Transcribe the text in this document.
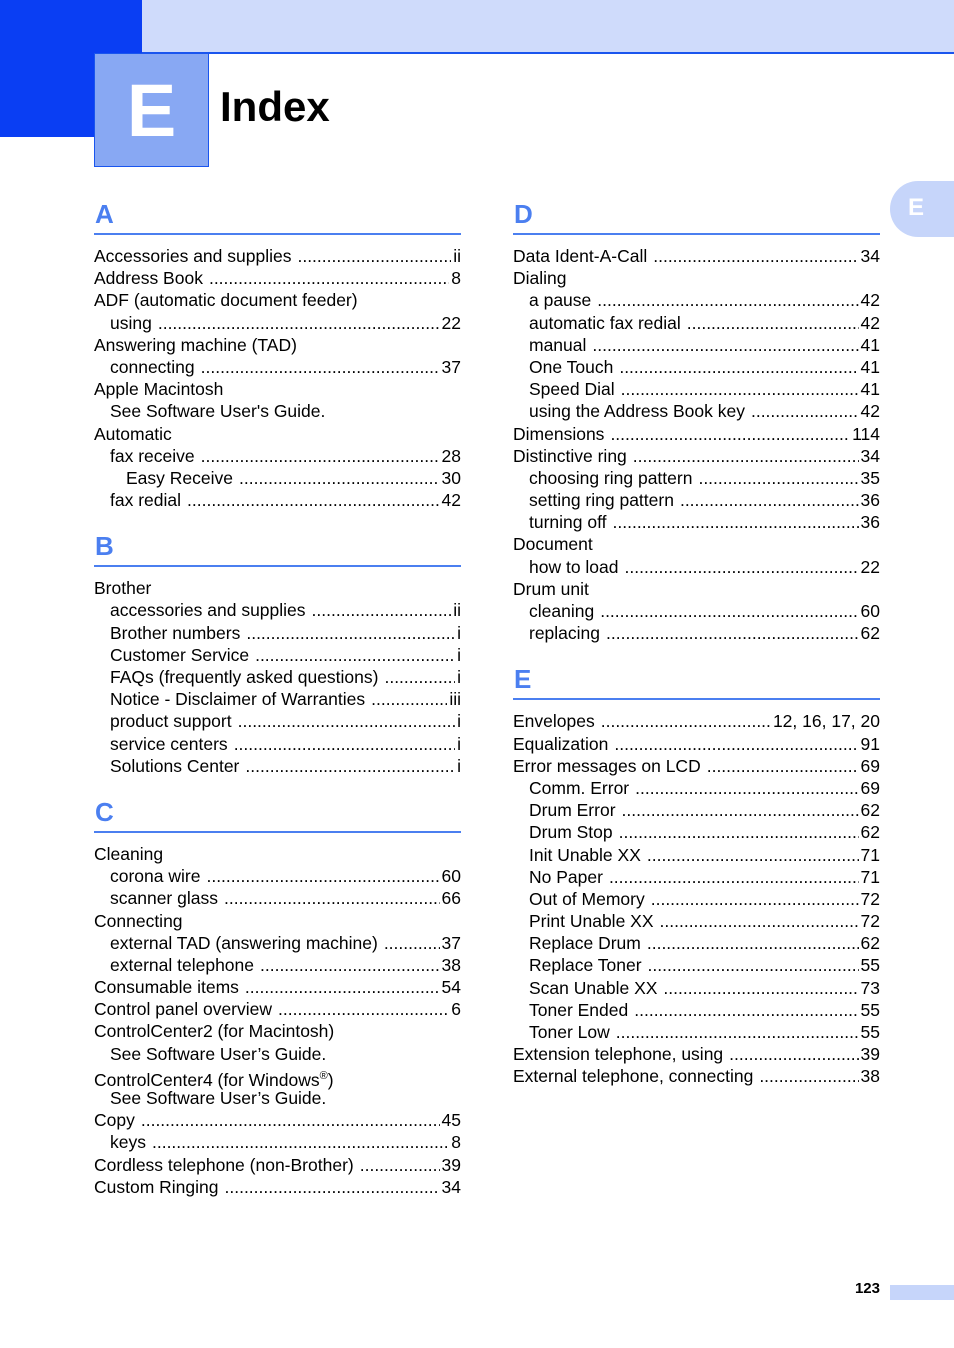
E	Index
E
A
Accessories and supplies .....	ii
Address Book .....	8
ADF (automatic document feeder)
using .....	22
Answering machine (TAD)
connecting .....	37
Apple Macintosh
See Software User's Guide.
Automatic
fax receive .....	28
Easy Receive .....	30
fax redial .....	42
B
Brother
accessories and supplies .....	ii
Brother numbers .....	i
Customer Service .....	i
FAQs (frequently asked questions) .....	i
Notice - Disclaimer of Warranties .....	iii
product support .....	i
service centers .....	i
Solutions Center .....	i
C
Cleaning
corona wire .....	60
scanner glass .....	66
Connecting
external TAD (answering machine) .....	37
external telephone .....	38
Consumable items .....	54
Control panel overview .....	6
ControlCenter2 (for Macintosh)
See Software User’s Guide.
ControlCenter4 (for Windows®)
See Software User’s Guide.
Copy .....	45
keys .....	8
Cordless telephone (non-Brother) .....	39
Custom Ringing .....	34
D
Data Ident-A-Call .....	34
Dialing
a pause .....	42
automatic fax redial .....	42
manual .....	41
One Touch .....	41
Speed Dial .....	41
using the Address Book key .....	42
Dimensions .....	114
Distinctive ring .....	34
choosing ring pattern .....	35
setting ring pattern .....	36
turning off .....	36
Document
how to load .....	22
Drum unit
cleaning .....	60
replacing .....	62
E
Envelopes .....	12, 16, 17, 20
Equalization .....	91
Error messages on LCD .....	69
Comm. Error .....	69
Drum Error .....	62
Drum Stop .....	62
Init Unable XX .....	71
No Paper .....	71
Out of Memory .....	72
Print Unable XX .....	72
Replace Drum .....	62
Replace Toner .....	55
Scan Unable XX .....	73
Toner Ended .....	55
Toner Low .....	55
Extension telephone, using .....	39
External telephone, connecting .....	38
123
